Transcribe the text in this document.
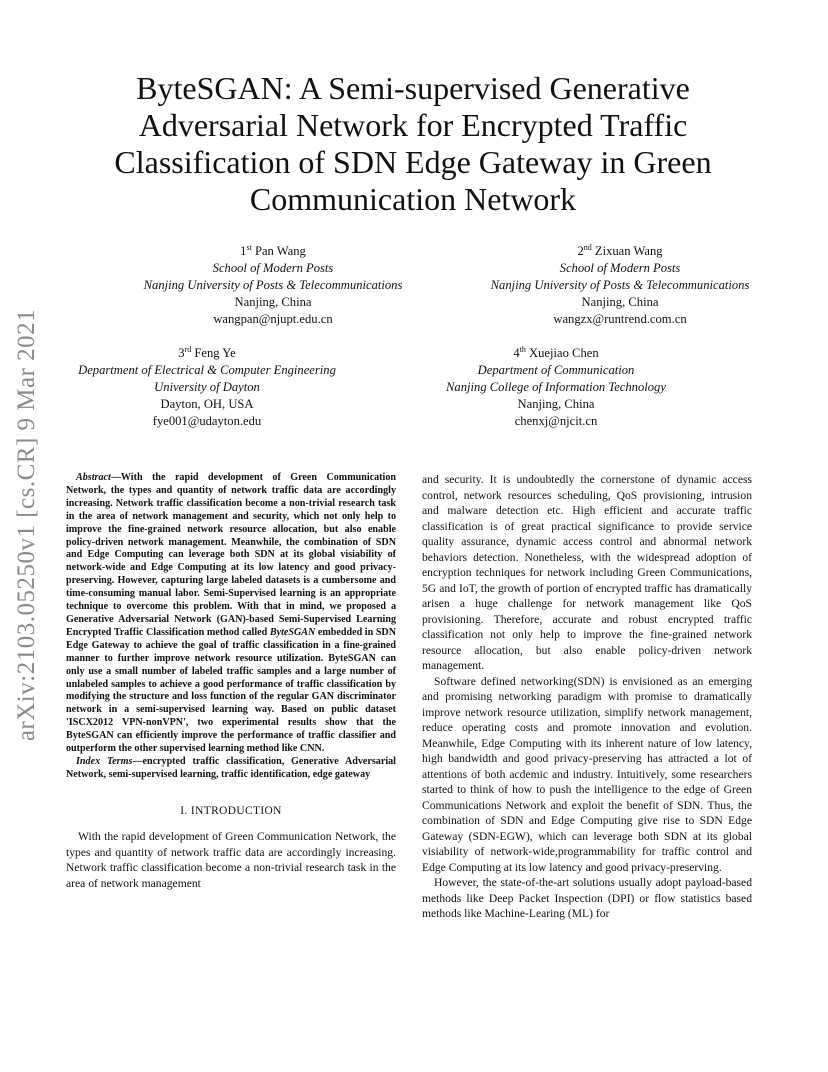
arXiv:2103.05250v1 [cs.CR] 9 Mar 2021
ByteSGAN: A Semi-supervised Generative Adversarial Network for Encrypted Traffic Classification of SDN Edge Gateway in Green Communication Network
1st Pan Wang
School of Modern Posts
Nanjing University of Posts & Telecommunications
Nanjing, China
wangpan@njupt.edu.cn
2nd Zixuan Wang
School of Modern Posts
Nanjing University of Posts & Telecommunications
Nanjing, China
wangzx@runtrend.com.cn
3rd Feng Ye
Department of Electrical & Computer Engineering
University of Dayton
Dayton, OH, USA
fye001@udayton.edu
4th Xuejiao Chen
Department of Communication
Nanjing College of Information Technology
Nanjing, China
chenxj@njcit.cn

Abstract—With the rapid development of Green Communication Network, the types and quantity of network traffic data are accordingly increasing. Network traffic classification become a non-trivial research task in the area of network management and security, which not only help to improve the fine-grained network resource allocation, but also enable policy-driven network management. Meanwhile, the combination of SDN and Edge Computing can leverage both SDN at its global visiability of network-wide and Edge Computing at its low latency and good privacy-preserving. However, capturing large labeled datasets is a cumbersome and time-consuming manual labor. Semi-Supervised learning is an appropriate technique to overcome this problem. With that in mind, we proposed a Generative Adversarial Network (GAN)-based Semi-Supervised Learning Encrypted Traffic Classification method called ByteSGAN embedded in SDN Edge Gateway to achieve the goal of traffic classification in a fine-grained manner to further improve network resource utilization. ByteSGAN can only use a small number of labeled traffic samples and a large number of unlabeled samples to achieve a good performance of traffic classification by modifying the structure and loss function of the regular GAN discriminator network in a semi-supervised learning way. Based on public dataset 'ISCX2012 VPN-nonVPN', two experimental results show that the ByteSGAN can efficiently improve the performance of traffic classifier and outperform the other supervised learning method like CNN.

Index Terms—encrypted traffic classification, Generative Adversarial Network, semi-supervised learning, traffic identification, edge gateway

I. INTRODUCTION

With the rapid development of Green Communication Network, the types and quantity of network traffic data are accordingly increasing. Network traffic classification become a non-trivial research task in the area of network management

and security. It is undoubtedly the cornerstone of dynamic access control, network resources scheduling, QoS provisioning, intrusion and malware detection etc. High efficient and accurate traffic classification is of great practical significance to provide service quality assurance, dynamic access control and abnormal network behaviors detection. Nonetheless, with the widespread adoption of encryption techniques for network including Green Communications, 5G and IoT, the growth of portion of encrypted traffic has dramatically arisen a huge challenge for network management like QoS provisioning. Therefore, accurate and robust encrypted traffic classification not only help to improve the fine-grained network resource allocation, but also enable policy-driven network management.

Software defined networking(SDN) is envisioned as an emerging and promising networking paradigm with promise to dramatically improve network resource utilization, simplify network management, reduce operating costs and promote innovation and evolution. Meanwhile, Edge Computing with its inherent nature of low latency, high bandwidth and good privacy-preserving has attracted a lot of attentions of both acdemic and industry. Intuitively, some researchers started to think of how to push the intelligence to the edge of Green Communications Network and exploit the benefit of SDN. Thus, the combination of SDN and Edge Computing give rise to SDN Edge Gateway (SDN-EGW), which can leverage both SDN at its global visiability of network-wide,programmability for traffic control and Edge Computing at its low latency and good privacy-preserving.

However, the state-of-the-art solutions usually adopt payload-based methods like Deep Packet Inspection (DPI) or flow statistics based methods like Machine-Learing (ML) for
